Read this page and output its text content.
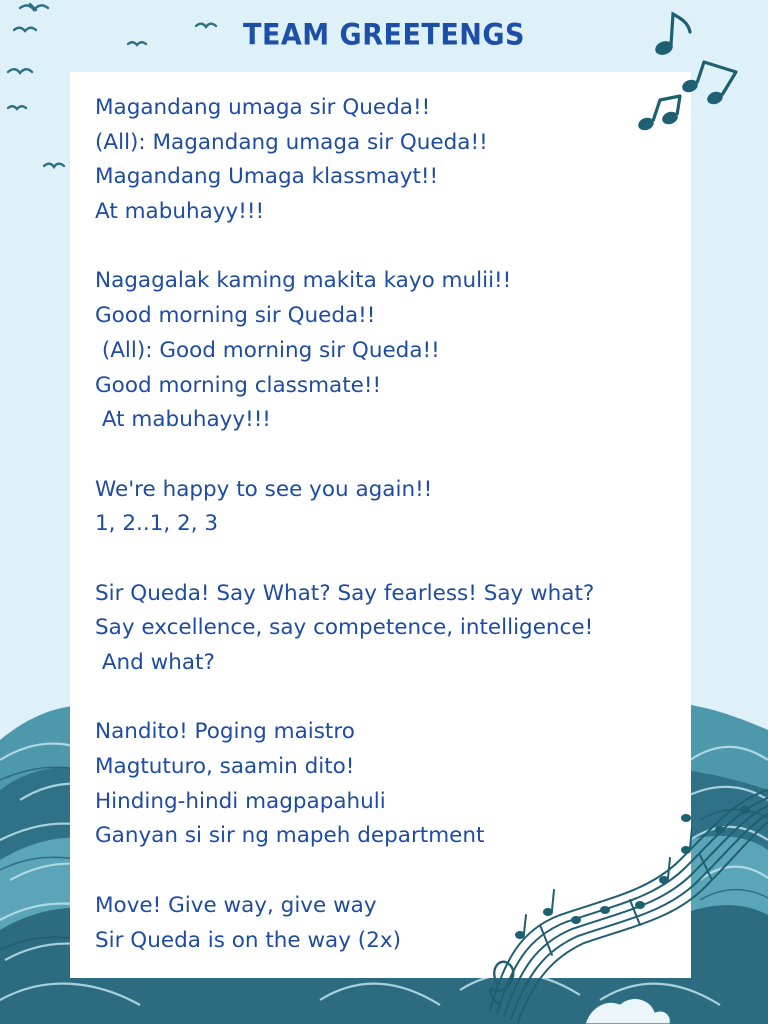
TEAM GREETENGS
Magandang umaga sir Queda!!
(All): Magandang umaga sir Queda!!
Magandang Umaga klassmayt!!
At mabuhayy!!!
Nagagalak kaming makita kayo mulii!!
Good morning sir Queda!!
(All): Good morning sir Queda!!
Good morning classmate!!
At mabuhayy!!!
We're happy to see you again!!
1, 2..1, 2, 3
Sir Queda! Say What? Say fearless! Say what?
Say excellence, say competence, intelligence!
And what?
Nandito! Poging maistro
Magtuturo, saamin dito!
Hinding-hindi magpapahuli
Ganyan si sir ng mapeh department
Move! Give way, give way
Sir Queda is on the way (2x)
